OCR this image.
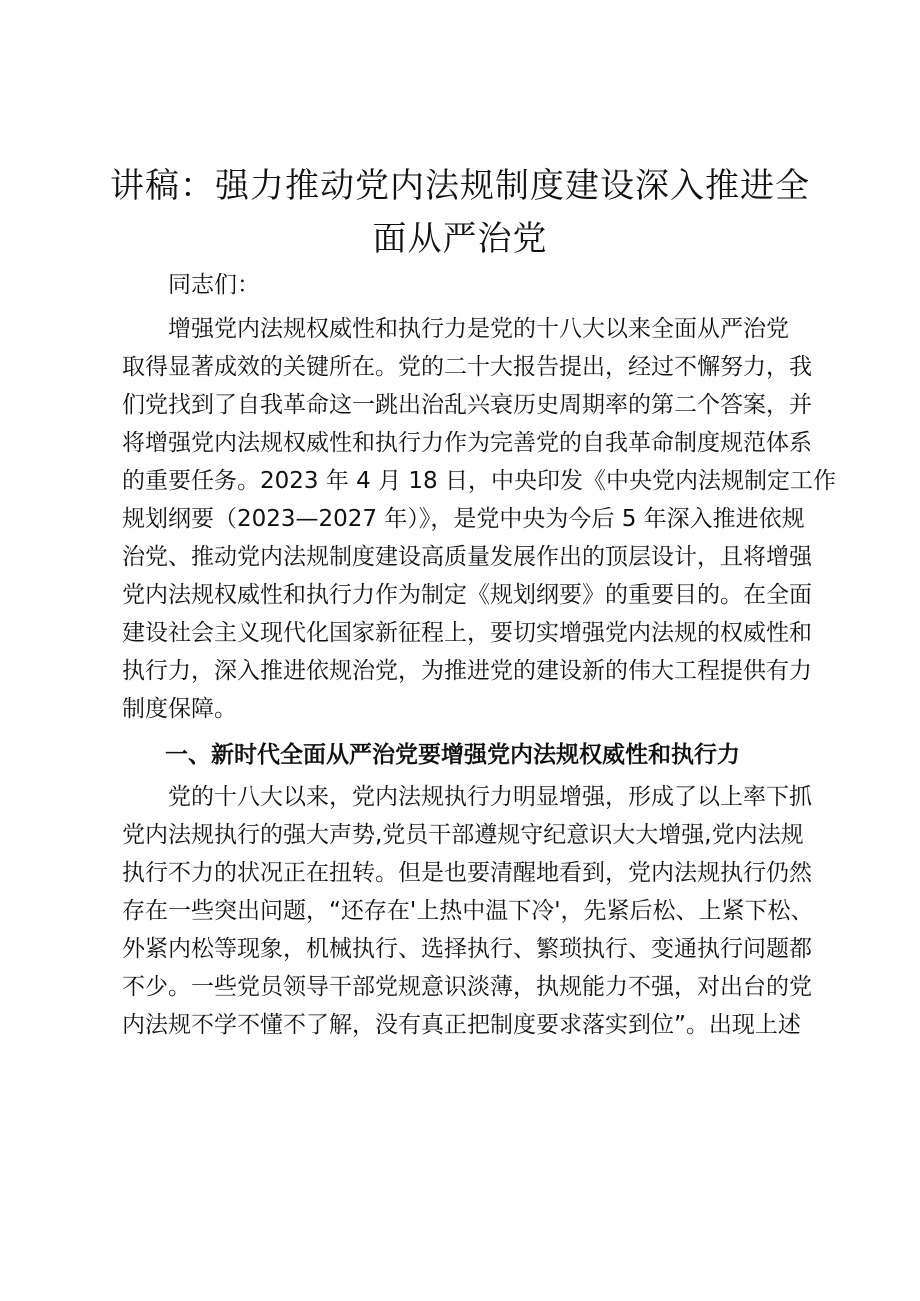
讲稿：强力推动党内法规制度建设深入推进全
面从严治党
同志们：
增强党内法规权威性和执行力是党的十八大以来全面从严治党
取得显著成效的关键所在。党的二十大报告提出，经过不懈努力，我
们党找到了自我革命这一跳出治乱兴衰历史周期率的第二个答案，并
将增强党内法规权威性和执行力作为完善党的自我革命制度规范体系
的重要任务。2023 年 4 月 18 日，中央印发《中央党内法规制定工作
规划纲要（2023—2027 年）》，是党中央为今后 5 年深入推进依规
治党、推动党内法规制度建设高质量发展作出的顶层设计，且将增强
党内法规权威性和执行力作为制定《规划纲要》的重要目的。在全面
建设社会主义现代化国家新征程上，要切实增强党内法规的权威性和
执行力，深入推进依规治党，为推进党的建设新的伟大工程提供有力
制度保障。
一、新时代全面从严治党要增强党内法规权威性和执行力
党的十八大以来，党内法规执行力明显增强，形成了以上率下抓
党内法规执行的强大声势,党员干部遵规守纪意识大大增强,党内法规
执行不力的状况正在扭转。但是也要清醒地看到，党内法规执行仍然
存在一些突出问题，“还存在'上热中温下冷'，先紧后松、上紧下松、
外紧内松等现象，机械执行、选择执行、繁琐执行、变通执行问题都
不少。一些党员领导干部党规意识淡薄，执规能力不强，对出台的党
内法规不学不懂不了解，没有真正把制度要求落实到位”。出现上述
